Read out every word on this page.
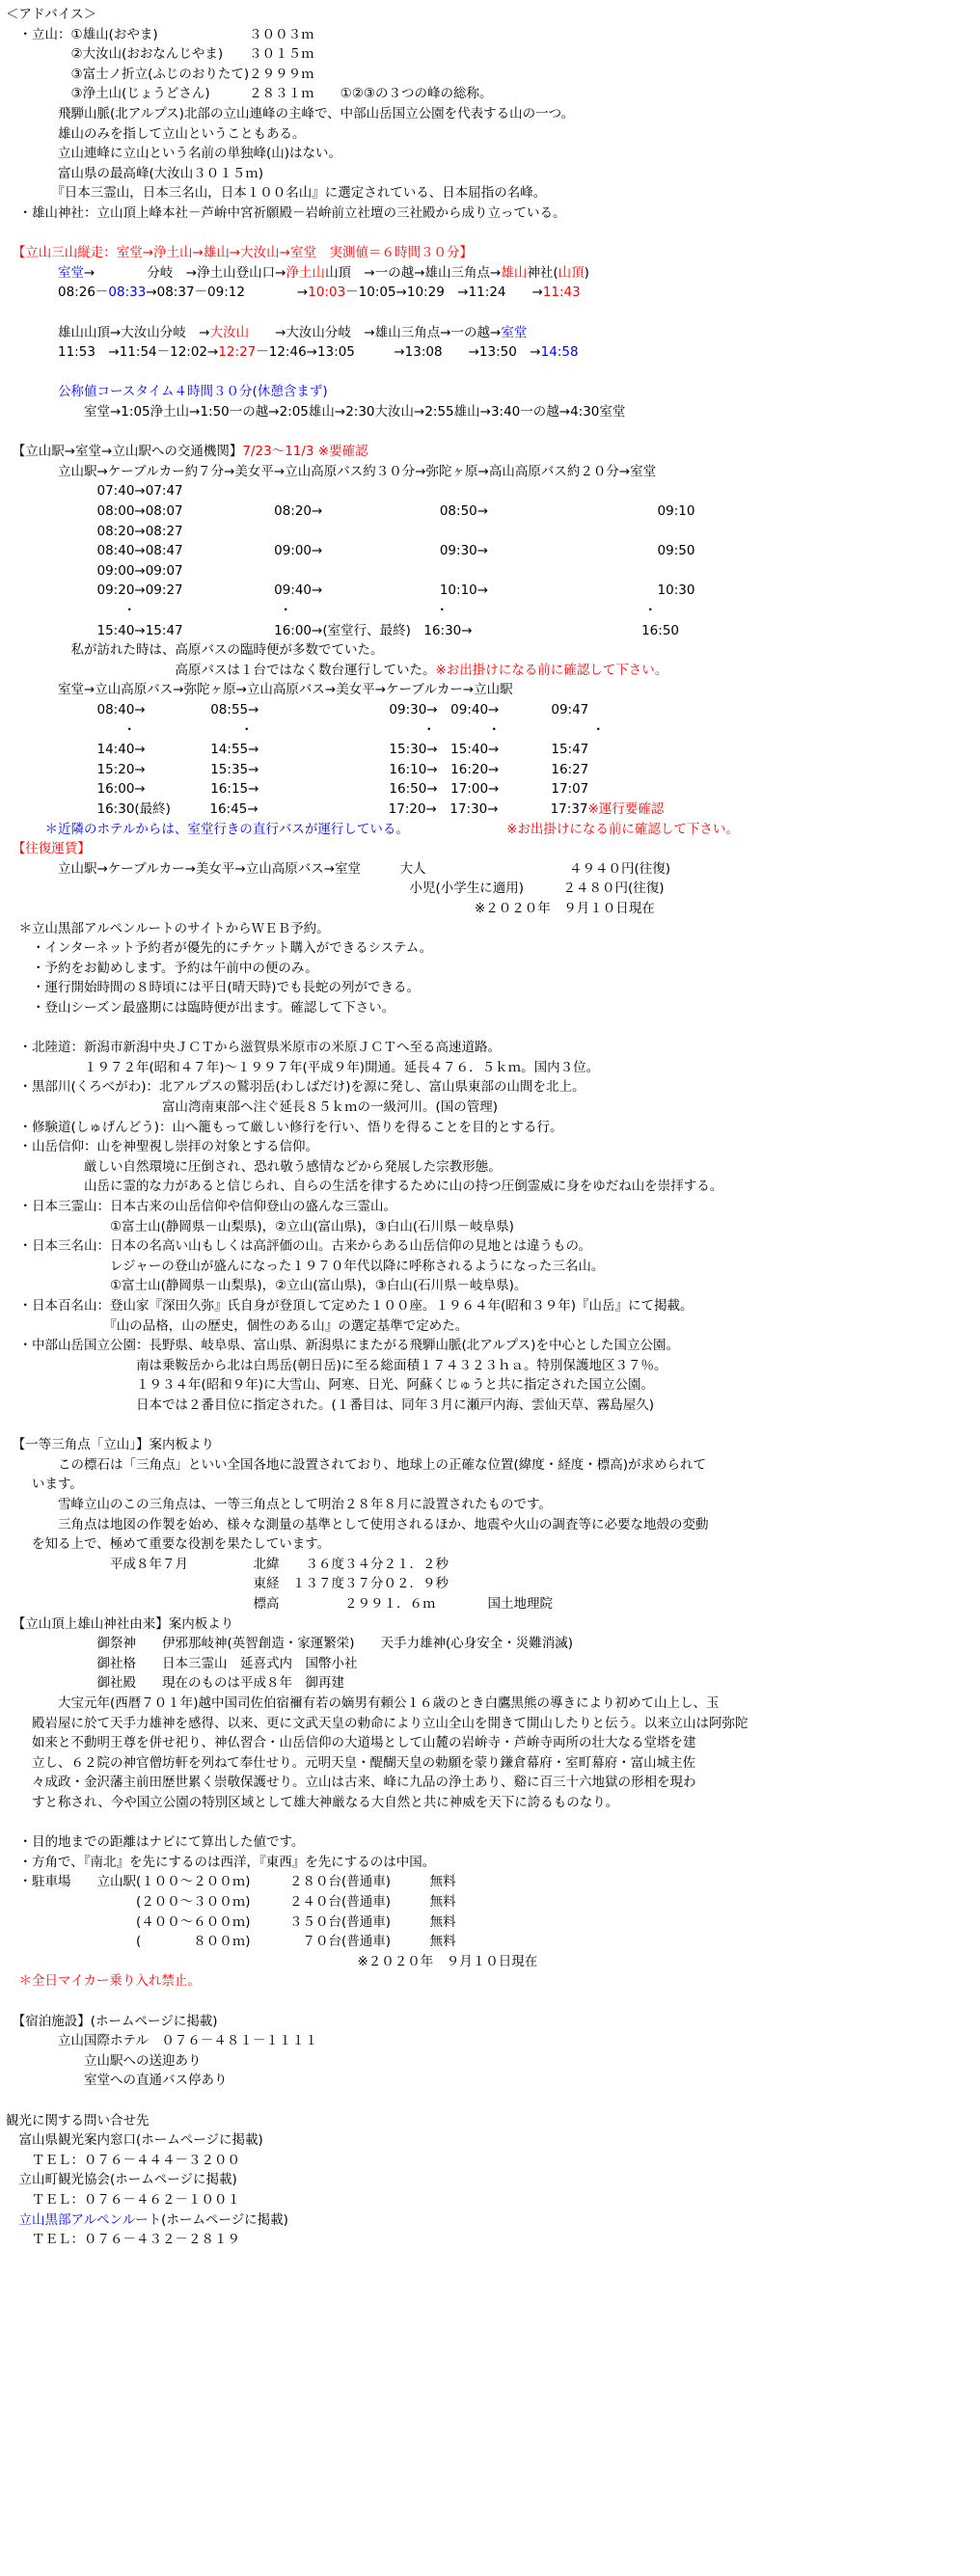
＜アドバイス＞
　・立山：①雄山(おやま)　　　　　　　３００３ｍ
　　　　　②大汝山(おおなんじやま)　　３０１５ｍ
　　　　　③富士ノ折立(ふじのおりたて)２９９９ｍ
　　　　　③浄土山(じょうどさん)　　　２８３１ｍ　　①②③の３つの峰の総称。
　　　　飛騨山脈(北アルプス)北部の立山連峰の主峰で、中部山岳国立公園を代表する山の一つ。
　　　　雄山のみを指して立山ということもある。
　　　　立山連峰に立山という名前の単独峰(山)はない。
　　　　富山県の最高峰(大汝山３０１５ｍ)
　　　　『日本三霊山，日本三名山，日本１００名山』に選定されている、日本屈指の名峰。
　・雄山神社：立山頂上峰本社－芦峅中宮祈願殿－岩峅前立社壇の三社殿から成り立っている。
　【立山三山縦走：室堂→浄土山→雄山→大汝山→室堂　実測値＝６時間３０分】
　　　　室堂→　　　　分岐　→浄土山登山口→浄土山山頂　→一の越→雄山三角点→雄山神社(山頂)
　　　　08:26－08:33→08:37－09:12　　　　→10:03－10:05→10:29　→11:24　　→11:43
　　　　雄山山頂→大汝山分岐　→大汝山　　→大汝山分岐　→雄山三角点→一の越→室堂
　　　　11:53　→11:54－12:02→12:27－12:46→13:05　　　→13:08　　→13:50　→14:58
　　　　公称値コースタイム４時間３０分(休憩含まず)
　　　　　　室堂→1:05浄土山→1:50一の越→2:05雄山→2:30大汝山→2:55雄山→3:40一の越→4:30室堂
　【立山駅→室堂→立山駅への交通機関】7/23～11/3 ※要確認
　　　　立山駅→ケーブルカー約７分→美女平→立山高原バス約３０分→弥陀ヶ原→高山高原バス約２０分→室堂
　　　　　　　07:40→07:47
　　　　　　　08:00→08:07　　　　　　　08:20→　　　　　　　　　08:50→　　　　　　　　　　　　　09:10
　　　　　　　08:20→08:27
　　　　　　　08:40→08:47　　　　　　　09:00→　　　　　　　　　09:30→　　　　　　　　　　　　　09:50
　　　　　　　09:00→09:07
　　　　　　　09:20→09:27　　　　　　　09:40→　　　　　　　　　10:10→　　　　　　　　　　　　　10:30
　　　　　　　　　・　　　　　　　　　　　・　　　　　　　　　　　・　　　　　　　　　　　　　　　・
　　　　　　　15:40→15:47　　　　　　　16:00→(室堂行、最終)　16:30→　　　　　　　　　　　　　16:50
　　　　　私が訪れた時は、高原バスの臨時便が多数でていた。
　　　　　　　　　　　　　高原バスは１台ではなく数台運行していた。※お出掛けになる前に確認して下さい。
　　　　室堂→立山高原バス→弥陀ヶ原→立山高原バス→美女平→ケーブルカー→立山駅
　　　　　　　08:40→　　　　　08:55→　　　　　　　　　　09:30→　09:40→　　　　09:47
　　　　　　　　　・　　　　　　　　・　　　　　　　　　　　　　・　　　　・　　　　　　　・
　　　　　　　14:40→　　　　　14:55→　　　　　　　　　　15:30→　15:40→　　　　15:47
　　　　　　　15:20→　　　　　15:35→　　　　　　　　　　16:10→　16:20→　　　　16:27
　　　　　　　16:00→　　　　　16:15→　　　　　　　　　　16:50→　17:00→　　　　17:07
　　　　　　　16:30(最終)　　　16:45→　　　　　　　　　　17:20→　17:30→　　　　17:37※運行要確認
　　　＊近隣のホテルからは、室堂行きの直行バスが運行している。　　　　　　　　	※お出掛けになる前に確認して下さい。
　【往復運賃】
　　　　立山駅→ケーブルカー→美女平→立山高原バス→室堂　　　大人　　　　　　　　　　　４９４０円(往復)
　　　　　　　　　　　　　　　　　　　　　　　　　　　　　　　小児(小学生に適用)　　　２４８０円(往復)
　　　　　　　　　　　　　　　　　　　　　　　　　　　　　　　　　　　　※２０２０年　９月１０日現在
　＊立山黒部アルペンルートのサイトからＷＥＢ予約。
　　・インターネット予約者が優先的にチケット購入ができるシステム。
　　・予約をお勧めします。予約は午前中の便のみ。
　　・運行開始時間の８時頃には平日(晴天時)でも長蛇の列ができる。
　　・登山シーズン最盛期には臨時便が出ます。確認して下さい。
　・北陸道：新潟市新潟中央ＪＣＴから滋賀県米原市の米原ＪＣＴへ至る高速道路。
　　　　　　１９７２年(昭和４７年)～１９９７年(平成９年)開通。延長４７６．５ｋｍ。国内３位。
　・黒部川(くろべがわ)：北アルプスの鷲羽岳(わしばだけ)を源に発し、富山県東部の山間を北上。
　　　　　　　　　　　　富山湾南東部へ注ぐ延長８５ｋｍの一級河川。(国の管理)
　・修験道(しゅげんどう)：山へ籠もって厳しい修行を行い、悟りを得ることを目的とする行。
　・山岳信仰：山を神聖視し崇拝の対象とする信仰。
　　　　　　厳しい自然環境に圧倒され、恐れ敬う感情などから発展した宗教形態。
　　　　　　山岳に霊的な力があると信じられ、自らの生活を律するために山の持つ圧倒霊威に身をゆだね山を崇拝する。
　・日本三霊山：日本古来の山岳信仰や信仰登山の盛んな三霊山。
　　　　　　　　①富士山(静岡県－山梨県)，②立山(富山県)，③白山(石川県－岐阜県)
　・日本三名山：日本の名高い山もしくは高評価の山。古来からある山岳信仰の見地とは違うもの。
　　　　　　　　レジャーの登山が盛んになった１９７０年代以降に呼称されるようになった三名山。
　　　　　　　　①富士山(静岡県－山梨県)，②立山(富山県)，③白山(石川県－岐阜県)。
　・日本百名山：登山家『深田久弥』氏自身が登頂して定めた１００座。１９６４年(昭和３９年)『山岳』にて掲載。
　　　　　　　　『山の品格，山の歴史，個性のある山』の選定基準で定めた。
　・中部山岳国立公園：長野県、岐阜県、富山県、新潟県にまたがる飛騨山脈(北アルプス)を中心とした国立公園。
　　　　　　　　　　南は乗鞍岳から北は白馬岳(朝日岳)に至る総面積１７４３２３ｈａ。特別保護地区３７％。
　　　　　　　　　　１９３４年(昭和９年)に大雪山、阿寒、日光、阿蘇くじゅうと共に指定された国立公園。
　　　　　　　　　　日本では２番目位に指定された。(１番目は、同年３月に瀬戸内海、雲仙天草、霧島屋久)
　【一等三角点「立山」】案内板より
　　　　この標石は「三角点」といい全国各地に設置されており、地球上の正確な位置(緯度・経度・標高)が求められて
　　います。
　　　　雪峰立山のこの三角点は、一等三角点として明治２８年８月に設置されたものです。
　　　　三角点は地図の作製を始め、様々な測量の基準として使用されるほか、地震や火山の調査等に必要な地殻の変動
　　を知る上で、極めて重要な役割を果たしています。
　　　　　　　　平成８年７月　　　　　北緯　　３６度３４分２１．２秒
　　　　　　　　　　　　　　　　　　　東経　１３７度３７分０２．９秒
　　　　　　　　　　　　　　　　　　　標高　　　　　２９９１．６ｍ　　　　国土地理院
　【立山頂上雄山神社由来】案内板より
　　　　　　　御祭神　　伊邪那岐神(英智創造・家運繁栄)　　天手力雄神(心身安全・災難消滅)
　　　　　　　御社格　　日本三霊山　延喜式内　国幣小社
　　　　　　　御社殿　　現在のものは平成８年　御再建
　　　　大宝元年(西暦７０１年)越中国司佐伯宿禰有若の嫡男有頼公１６歳のとき白鷹黒熊の導きにより初めて山上し、玉
　　殿岩屋に於て天手力雄神を感得、以来、更に文武天皇の勅命により立山全山を開きて開山したりと伝う。以来立山は阿弥陀
　　如来と不動明王尊を併せ祀り、神仏習合・山岳信仰の大道場として山麓の岩峅寺・芦峅寺両所の壮大なる堂塔を建
　　立し、６２院の神官僧坊軒を列ねて奉仕せり。元明天皇・醍醐天皇の勅願を蒙り鎌倉幕府・室町幕府・富山城主佐
　　々成政・金沢藩主前田歴世累く崇敬保護せり。立山は古来、峰に九品の浄土あり、谿に百三十六地獄の形相を現わ
　　すと称され、今や国立公園の特別区域として雄大神厳なる大自然と共に神威を天下に誇るものなり。
　・目的地までの距離はナビにて算出した値です。
　・方角で、『南北』を先にするのは西洋，『東西』を先にするのは中国。
　・駐車場　　立山駅(１００～２００ｍ)　　　２８０台(普通車)　　　無料
　　　　　　　　　　(２００～３００ｍ)　　　２４０台(普通車)　　　無料
　　　　　　　　　　(４００～６００ｍ)　　　３５０台(普通車)　　　無料
　　　　　　　　　　(　　　　８００ｍ)　　　　７０台(普通車)　　　無料
　　　　　　　　　　　　　　　　　　　　　　　　　　　※２０２０年　９月１０日現在
　＊全日マイカー乗り入れ禁止。
　【宿泊施設】(ホームページに掲載)
　　　　立山国際ホテル　０７６－４８１－１１１１
　　　　　　立山駅への送迎あり
　　　　　　室堂への直通バス停あり
観光に関する問い合せ先
　富山県観光案内窓口(ホームページに掲載)
　　ＴＥＬ：０７６－４４４－３２００
　立山町観光協会(ホームページに掲載)
　　ＴＥＬ：０７６－４６２－１００１
　立山黒部アルペンルート(ホームページに掲載)
　　ＴＥＬ：０７６－４３２－２８１９
